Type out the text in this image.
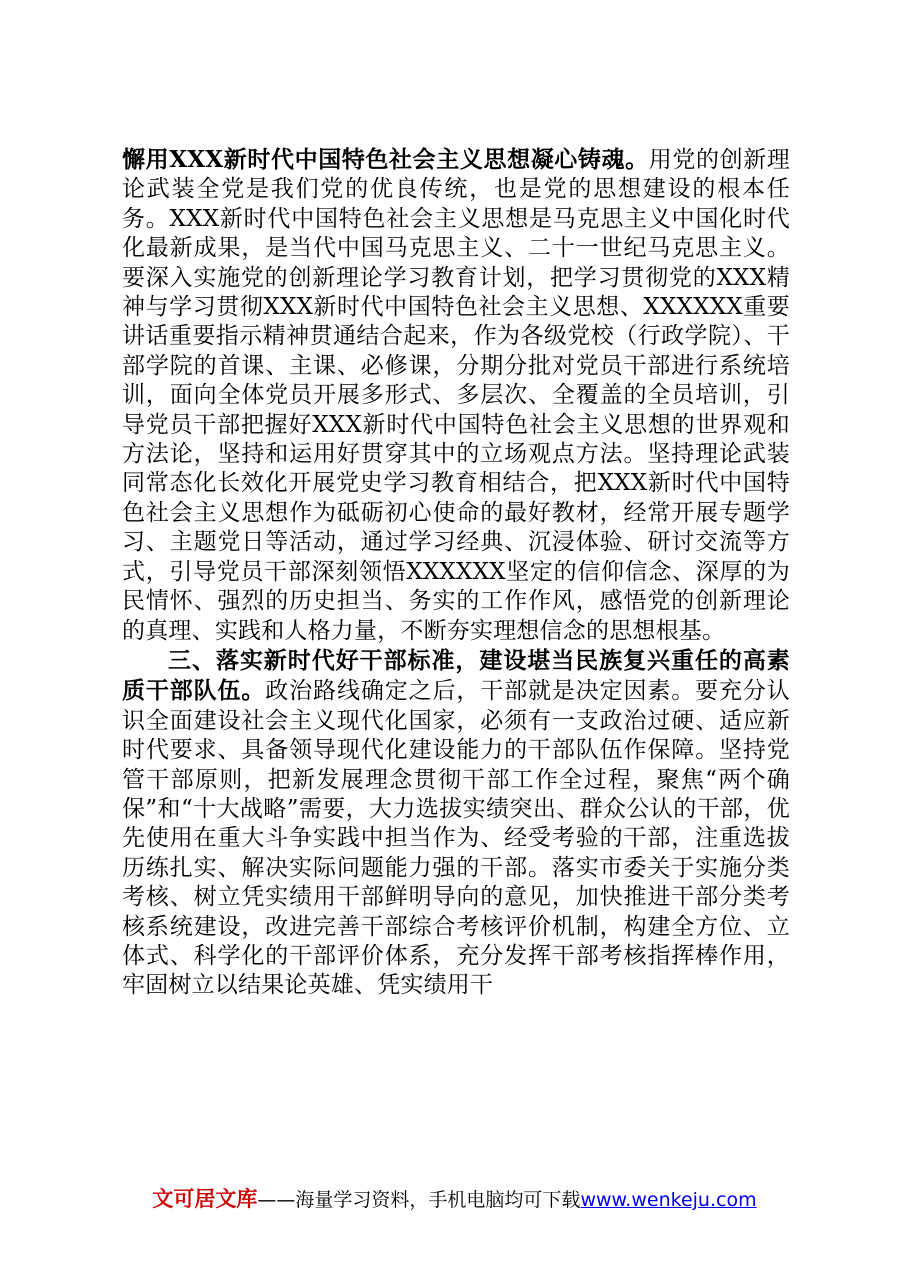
懈用XXX新时代中国特色社会主义思想凝心铸魂。用党的创新理论武装全党是我们党的优良传统，也是党的思想建设的根本任务。XXX新时代中国特色社会主义思想是马克思主义中国化时代化最新成果，是当代中国马克思主义、二十一世纪马克思主义。要深入实施党的创新理论学习教育计划，把学习贯彻党的XXX精神与学习贯彻XXX新时代中国特色社会主义思想、XXXXXX重要讲话重要指示精神贯通结合起来，作为各级党校（行政学院）、干部学院的首课、主课、必修课，分期分批对党员干部进行系统培训，面向全体党员开展多形式、多层次、全覆盖的全员培训，引导党员干部把握好XXX新时代中国特色社会主义思想的世界观和方法论，坚持和运用好贯穿其中的立场观点方法。坚持理论武装同常态化长效化开展党史学习教育相结合，把XXX新时代中国特色社会主义思想作为砥砺初心使命的最好教材，经常开展专题学习、主题党日等活动，通过学习经典、沉浸体验、研讨交流等方式，引导党员干部深刻领悟XXXXXX坚定的信仰信念、深厚的为民情怀、强烈的历史担当、务实的工作作风，感悟党的创新理论的真理、实践和人格力量，不断夯实理想信念的思想根基。

三、落实新时代好干部标准，建设堪当民族复兴重任的高素质干部队伍。政治路线确定之后，干部就是决定因素。要充分认识全面建设社会主义现代化国家，必须有一支政治过硬、适应新时代要求、具备领导现代化建设能力的干部队伍作保障。坚持党管干部原则，把新发展理念贯彻干部工作全过程，聚焦“两个确保”和“十大战略”需要，大力选拔实绩突出、群众公认的干部，优先使用在重大斗争实践中担当作为、经受考验的干部，注重选拔历练扎实、解决实际问题能力强的干部。落实市委关于实施分类考核、树立凭实绩用干部鲜明导向的意见，加快推进干部分类考核系统建设，改进完善干部综合考核评价机制，构建全方位、立体式、科学化的干部评价体系，充分发挥干部考核指挥棒作用，牢固树立以结果论英雄、凭实绩用干

文可居文库——海量学习资料，手机电脑均可下载www.wenkeju.com
